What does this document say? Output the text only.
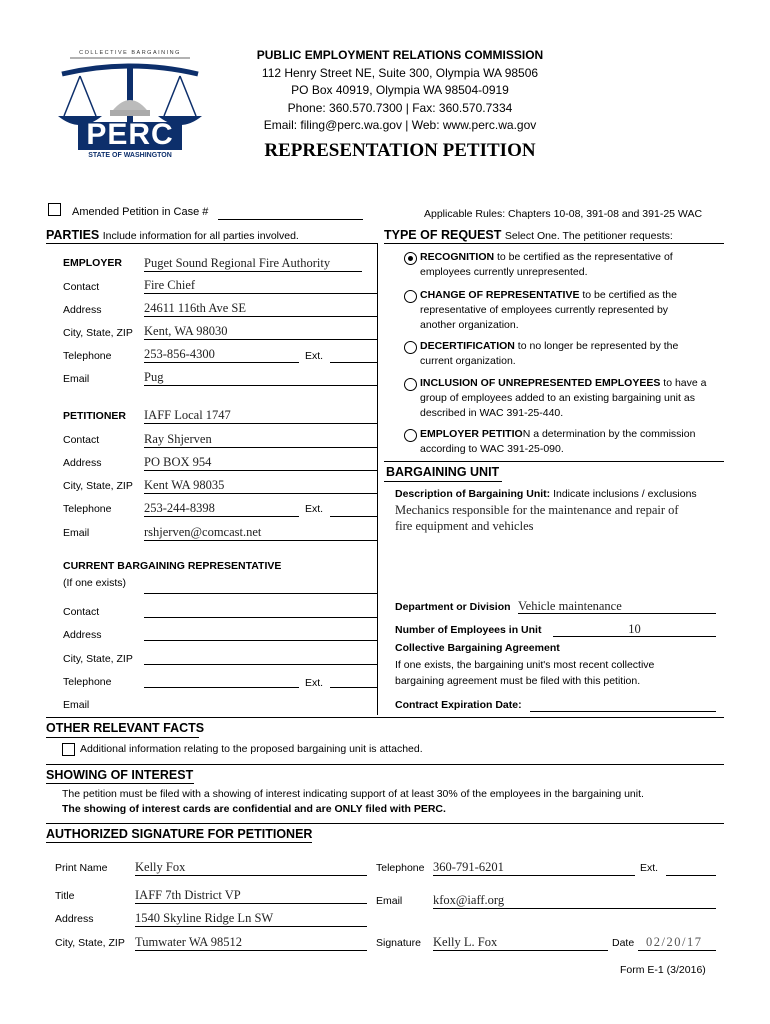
COLLECTIVE BARGAINING
PERC
STATE OF WASHINGTON
PUBLIC EMPLOYMENT RELATIONS COMMISSION
112 Henry Street NE, Suite 300, Olympia WA 98506
PO Box 40919, Olympia WA 98504-0919
Phone: 360.570.7300 | Fax: 360.570.7334
Email: filing@perc.wa.gov | Web: www.perc.wa.gov
REPRESENTATION PETITION
Amended Petition in Case #	Applicable Rules: Chapters 10-08, 391-08 and 391-25 WAC
PARTIES Include information for all parties involved.
EMPLOYER Puget Sound Regional Fire Authority
Contact	Fire Chief
Address	24611 116th Ave SE
City, State, ZIP Kent, WA 98030
Telephone	253-856-4300	Ext.
Email	Pug
PETITIONER IAFF Local 1747
Contact	Ray Shjerven
Address	PO BOX 954
City, State, ZIP Kent WA 98035
Telephone	253-244-8398	Ext.
Email	rshjerven@comcast.net
CURRENT BARGAINING REPRESENTATIVE
(If one exists)
Contact
Address
City, State, ZIP
Telephone	Ext.
Email
TYPE OF REQUEST Select One. The petitioner requests:
RECOGNITION to be certified as the representative of
employees currently unrepresented.
CHANGE OF REPRESENTATIVE to be certified as the
representative of employees currently represented by
another organization.
DECERTIFICATION to no longer be represented by the
current organization.
INCLUSION OF UNREPRESENTED EMPLOYEES to have a
group of employees added to an existing bargaining unit as
described in WAC 391-25-440.
EMPLOYER PETITION a determination by the commission
according to WAC 391-25-090.
BARGAINING UNIT
Description of Bargaining Unit: Indicate inclusions / exclusions
Mechanics responsible for the maintenance and repair of
fire equipment and vehicles
Department or Division Vehicle maintenance
Number of Employees in Unit	10
Collective Bargaining Agreement
If one exists, the bargaining unit's most recent collective
bargaining agreement must be filed with this petition.
Contract Expiration Date:
OTHER RELEVANT FACTS
Additional information relating to the proposed bargaining unit is attached.
SHOWING OF INTEREST
The petition must be filed with a showing of interest indicating support of at least 30% of the employees in the bargaining unit.
The showing of interest cards are confidential and are ONLY filed with PERC.
AUTHORIZED SIGNATURE FOR PETITIONER
Print Name Kelly Fox
Title	IAFF 7th District VP
Address	1540 Skyline Ridge Ln SW
City, State, ZIP Tumwater WA 98512
Telephone 360-791-6201	Ext.
Email kfox@iaff.org
Signature Kelly L. Fox	Date 02/20/17
Form E-1 (3/2016)
